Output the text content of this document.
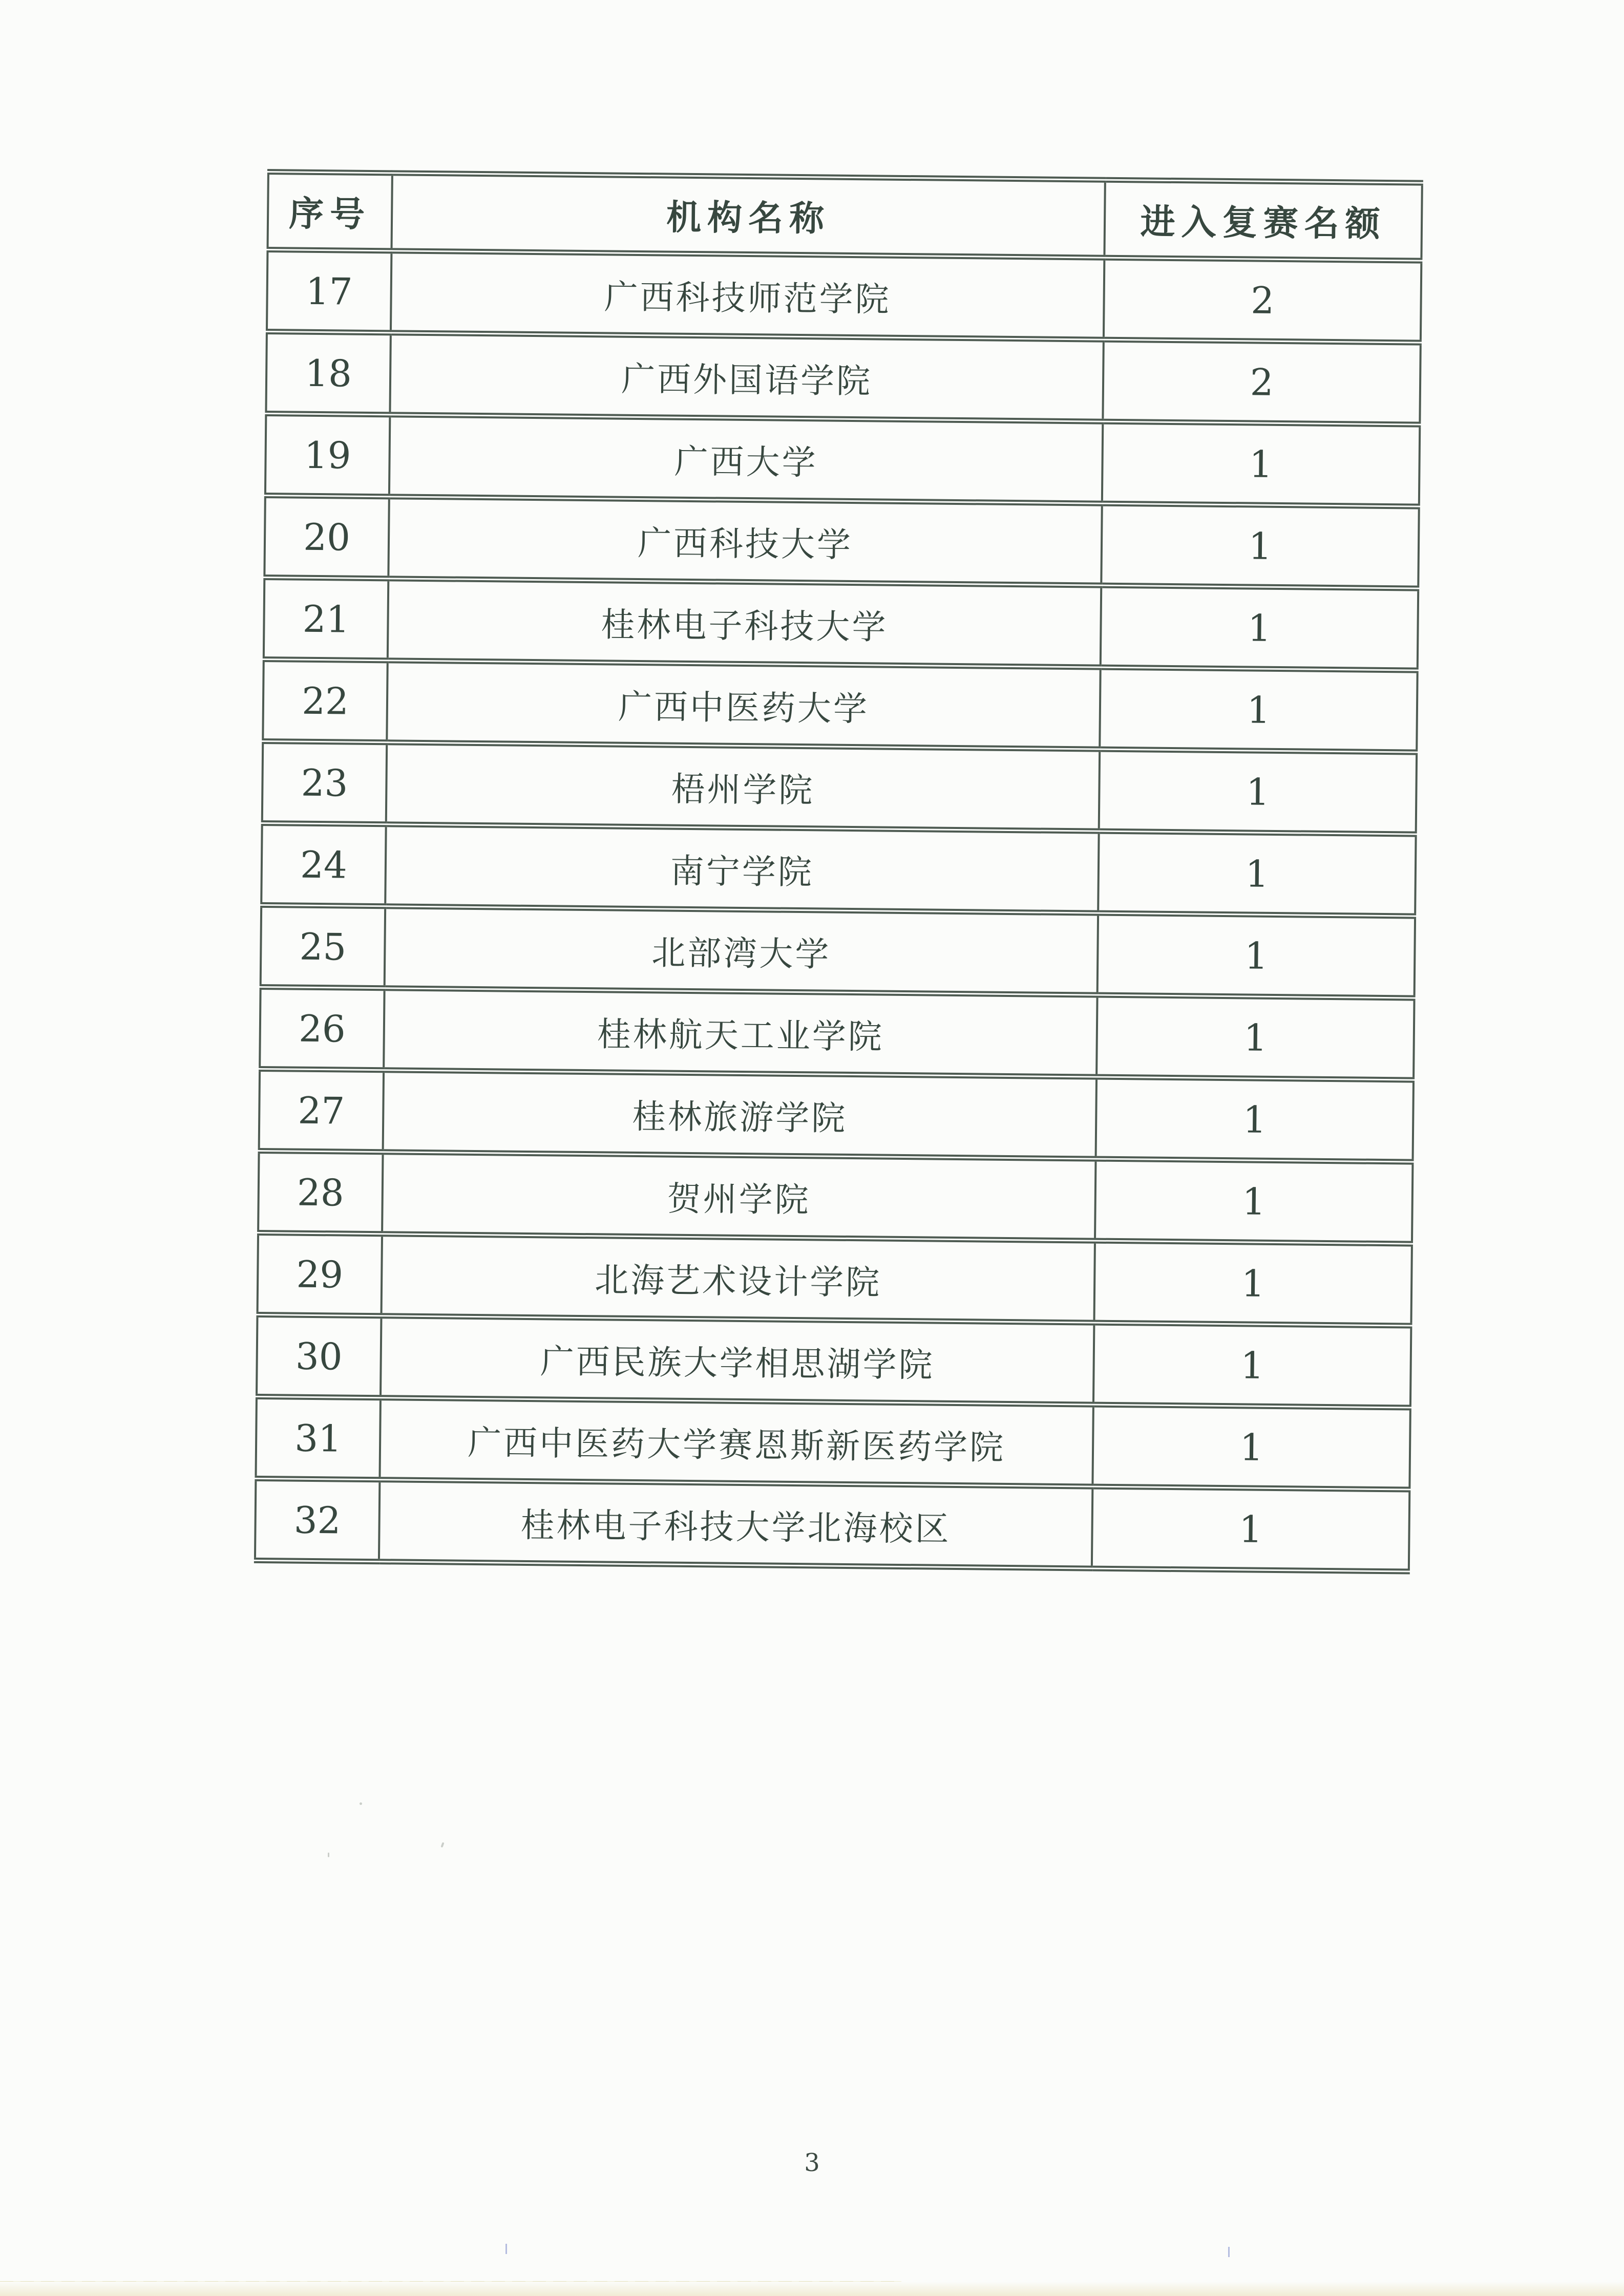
序号	机构名称	进入复赛名额
17	广西科技师范学院	2
18	广西外国语学院	2
19	广西大学	1
20	广西科技大学	1
21	桂林电子科技大学	1
22	广西中医药大学	1
23	梧州学院	1
24	南宁学院	1
25	北部湾大学	1
26	桂林航天工业学院	1
27	桂林旅游学院	1
28	贺州学院	1
29	北海艺术设计学院	1
30	广西民族大学相思湖学院	1
31	广西中医药大学赛恩斯新医药学院	1
32	桂林电子科技大学北海校区	1
3
